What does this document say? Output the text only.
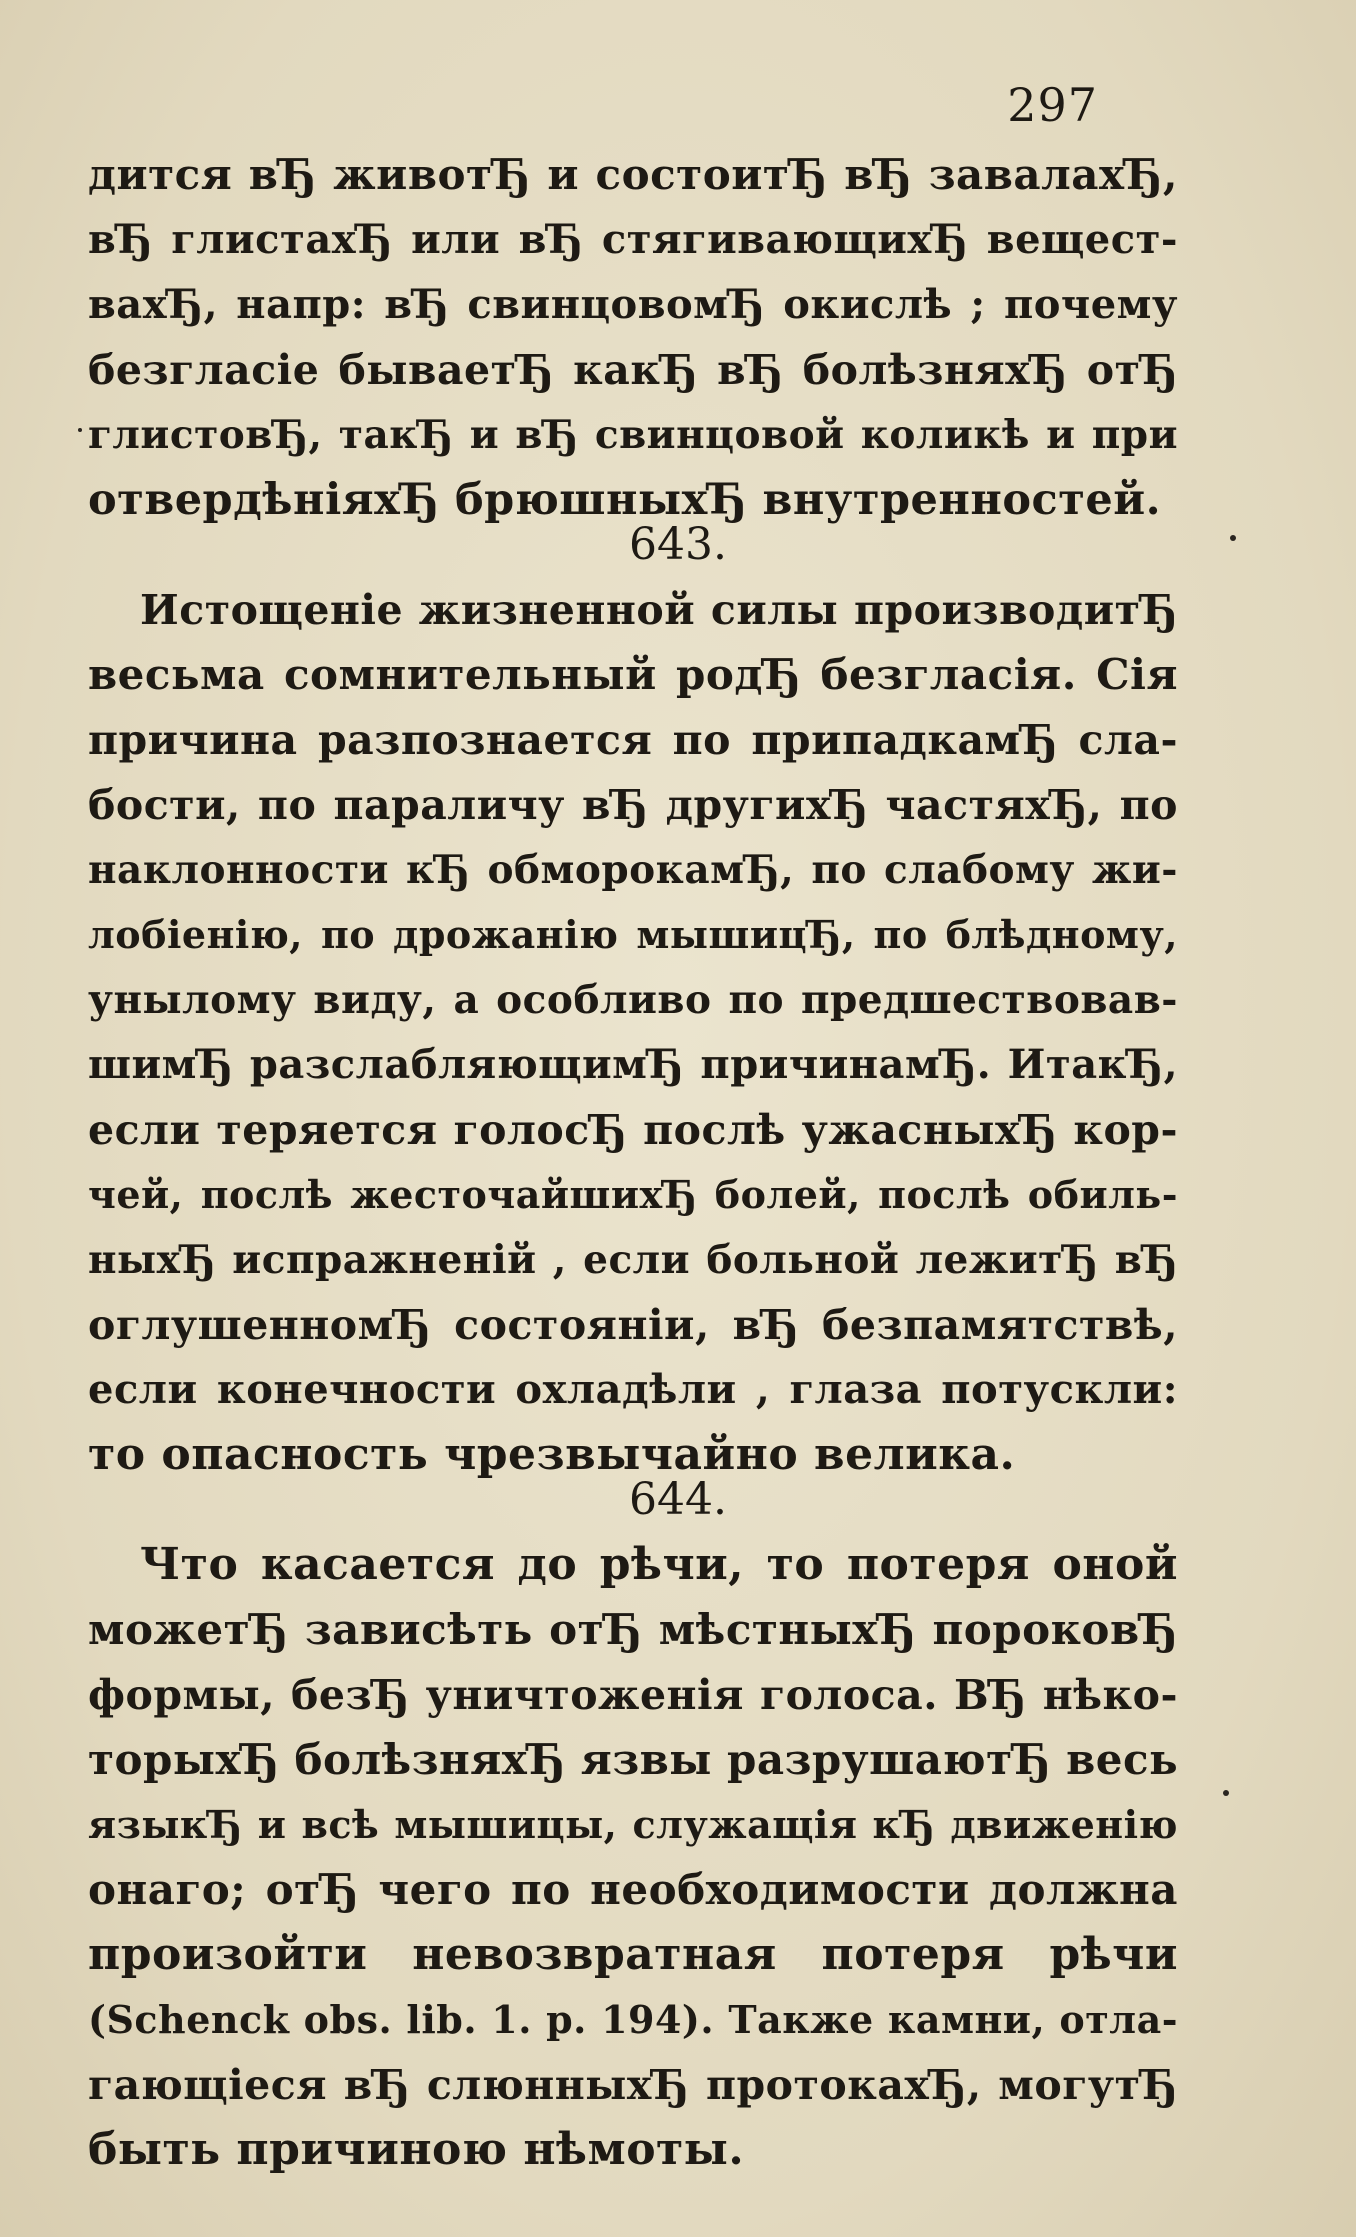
297
дится вЂ животЂ и состоитЂ вЂ завалахЂ,
вЂ глистахЂ или вЂ стягивающихЂ вещест-
вахЂ, напр: вЂ свинцовомЂ окислѣ ; почему
безгласіе бываетЂ какЂ вЂ болѣзняхЂ отЂ
глистовЂ, такЂ и вЂ свинцовой коликѣ и при
отвердѣніяхЂ брюшныхЂ внутренностей.
643.
Истощеніе жизненной силы производитЂ
весьма сомнительный родЂ безгласія. Сія
причина разпознается по припадкамЂ сла-
бости, по параличу вЂ другихЂ частяхЂ, по
наклонности кЂ обморокамЂ, по слабому жи-
лобіенію, по дрожанію мышицЂ, по блѣдному,
унылому виду, а особливо по предшествовав-
шимЂ разслабляющимЂ причинамЂ. ИтакЂ,
если теряется голосЂ послѣ ужасныхЂ кор-
чей, послѣ жесточайшихЂ болей, послѣ обиль-
ныхЂ испражненій , если больной лежитЂ вЂ
оглушенномЂ состояніи, вЂ безпамятствѣ,
если конечности охладѣли , глаза потускли:
то опасность чрезвычайно велика.
644.
Что касается до рѣчи, то потеря оной
можетЂ зависѣть отЂ мѣстныхЂ пороковЂ
формы, безЂ уничтоженія голоса. ВЂ нѣко-
торыхЂ болѣзняхЂ язвы разрушаютЂ весь
языкЂ и всѣ мышицы, служащія кЂ движенію
онаго; отЂ чего по необходимости должна
произойти невозвратная потеря рѣчи
(Schenck obs. lib. 1. p. 194). Также камни, отла-
гающіеся вЂ слюнныхЂ протокахЂ, могутЂ
быть причиною нѣмоты.
